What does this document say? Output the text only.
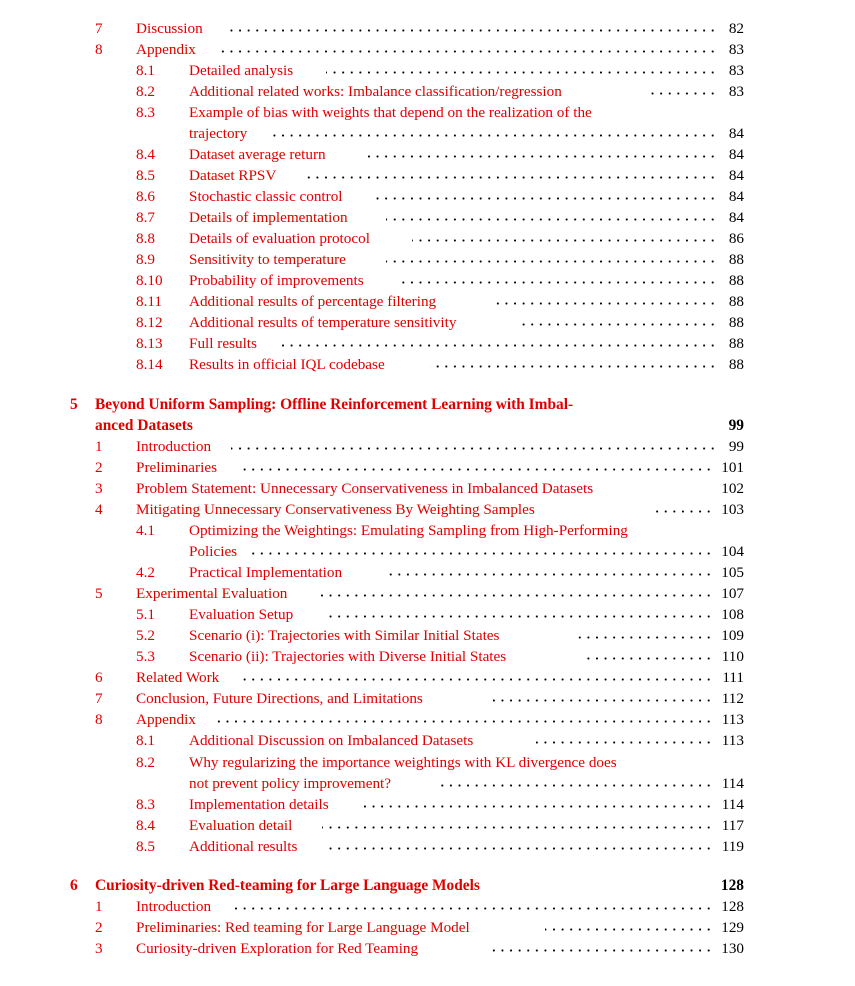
7 Discussion	82
8 Appendix	83
8.1 Detailed analysis	83
8.2 Additional related works: Imbalance classification/regression	83
8.3 Example of bias with weights that depend on the realization of the
trajectory	84
8.4 Dataset average return	84
8.5 Dataset RPSV	84
8.6 Stochastic classic control	84
8.7 Details of implementation	84
8.8 Details of evaluation protocol	86
8.9 Sensitivity to temperature	88
8.10 Probability of improvements	88
8.11 Additional results of percentage filtering	88
8.12 Additional results of temperature sensitivity	88
8.13 Full results	88
8.14 Results in official IQL codebase	88
5 Beyond Uniform Sampling: Offline Reinforcement Learning with Imbal-
anced Datasets	99
1 Introduction	99
2 Preliminaries	101
3 Problem Statement: Unnecessary Conservativeness in Imbalanced Datasets	102
4 Mitigating Unnecessary Conservativeness By Weighting Samples	103
4.1 Optimizing the Weightings: Emulating Sampling from High-Performing
Policies	104
4.2 Practical Implementation	105
5 Experimental Evaluation	107
5.1 Evaluation Setup	108
5.2 Scenario (i): Trajectories with Similar Initial States	109
5.3 Scenario (ii): Trajectories with Diverse Initial States	110
6 Related Work	111
7 Conclusion, Future Directions, and Limitations	112
8 Appendix	113
8.1 Additional Discussion on Imbalanced Datasets	113
8.2 Why regularizing the importance weightings with KL divergence does
not prevent policy improvement?	114
8.3 Implementation details	114
8.4 Evaluation detail	117
8.5 Additional results	119
6 Curiosity-driven Red-teaming for Large Language Models	128
1 Introduction	128
2 Preliminaries: Red teaming for Large Language Model	129
3 Curiosity-driven Exploration for Red Teaming	130
